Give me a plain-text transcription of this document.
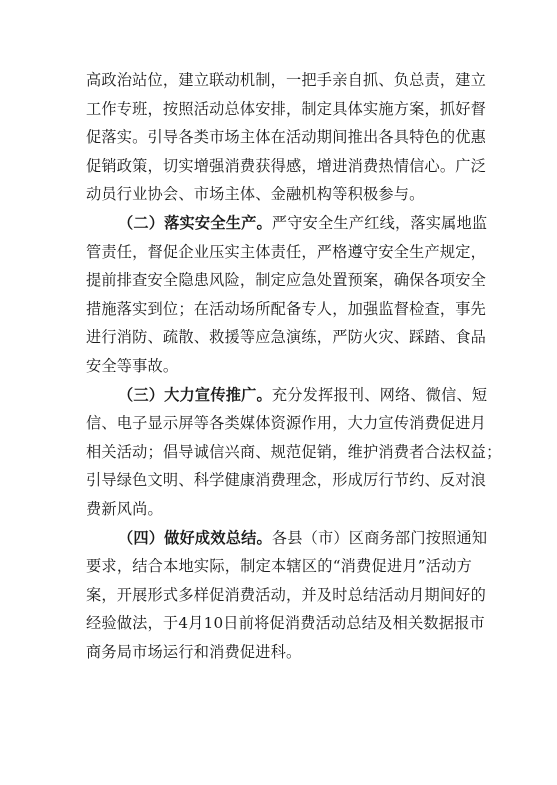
高政治站位，建立联动机制，一把手亲自抓、负总责，建立
工作专班，按照活动总体安排，制定具体实施方案，抓好督
促落实。引导各类市场主体在活动期间推出各具特色的优惠
促销政策，切实增强消费获得感，增进消费热情信心。广泛
动员行业协会、市场主体、金融机构等积极参与。
（二）落实安全生产。严守安全生产红线，落实属地监
管责任，督促企业压实主体责任，严格遵守安全生产规定，
提前排查安全隐患风险，制定应急处置预案，确保各项安全
措施落实到位；在活动场所配备专人，加强监督检查，事先
进行消防、疏散、救援等应急演练，严防火灾、踩踏、食品
安全等事故。
（三）大力宣传推广。充分发挥报刊、网络、微信、短
信、电子显示屏等各类媒体资源作用，大力宣传消费促进月
相关活动；倡导诚信兴商、规范促销，维护消费者合法权益；
引导绿色文明、科学健康消费理念，形成厉行节约、反对浪
费新风尚。
（四）做好成效总结。各县（市）区商务部门按照通知
要求，结合本地实际，制定本辖区的“消费促进月”活动方
案，开展形式多样促消费活动，并及时总结活动月期间好的
经验做法，于4月10日前将促消费活动总结及相关数据报市
商务局市场运行和消费促进科。
